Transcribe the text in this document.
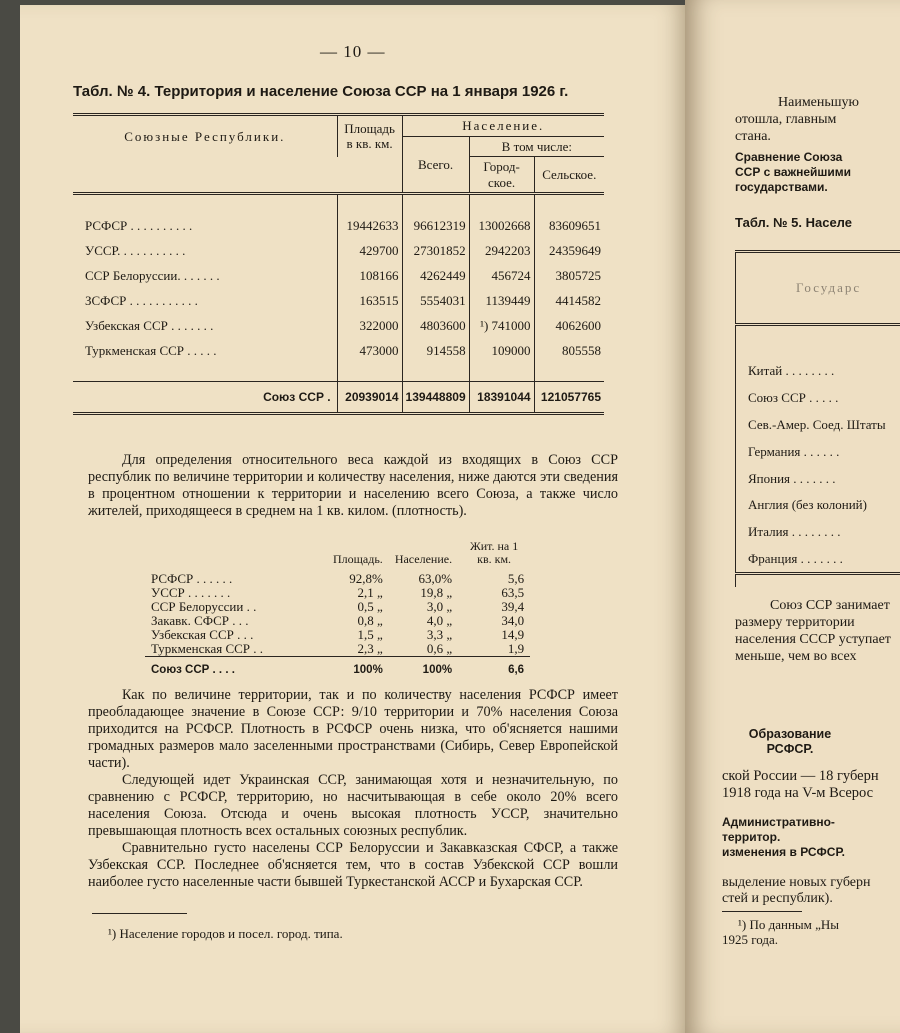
— 10 —
Табл. № 4. Территория и население Союза ССР на 1 января 1926 г.
Союзные Республики.	Площадь в кв. км.	Население.		
		Всего.	В том числе:	
			Город-ское.	Сельское.
РСФСР . . . . . . . . . .	19442633	96612319	13002668	83609651
УССР. . . . . . . . . . .	429700	27301852	2942203	24359649
ССР Белоруссии. . . . . . .	108166	4262449	456724	3805725
ЗСФСР . . . . . . . . . . .	163515	5554031	1139449	4414582
Узбекская ССР . . . . . . .	322000	4803600	¹) 741000	4062600
Туркменская ССР . . . . .	473000	914558	109000	805558
Союз ССР .	20939014	139448809	18391044	121057765

Для определения относительного веса каждой из входящих в Союз ССР республик по величине территории и количеству населения, ниже даются эти сведения в процентном отношении к территории и населению всего Союза, а также число жителей, приходящееся в среднем на 1 кв. килом. (плотность).

	Площадь.	Население.	Жит. на 1 кв. км.
РСФСР . . . . . .	92,8%	63,0%	5,6
УССР . . . . . . .	2,1 „	19,8 „	63,5
ССР Белоруссии . .	0,5 „	3,0 „	39,4
Закавк. СФСР . . .	0,8 „	4,0 „	34,0
Узбекская ССР . . .	1,5 „	3,3 „	14,9
Туркменская ССР . .	2,3 „	0,6 „	1,9
Союз ССР . . . .	100%	100%	6,6

Как по величине территории, так и по количеству населения РСФСР имеет преобладающее значение в Союзе ССР: 9/10 территории и 70% населения Союза приходится на РСФСР. Плотность в РСФСР очень низка, что об'ясняется нашими громадных размеров мало заселенными пространствами (Сибирь, Север Европейской части).

Следующей идет Украинская ССР, занимающая хотя и незначительную, по сравнению с РСФСР, территорию, но насчитывающая в себе около 20% всего населения Союза. Отсюда и очень высокая плотность УССР, значительно превышающая плотность всех остальных союзных республик.

Сравнительно густо населены ССР Белоруссии и Закавказская СФСР, а также Узбекская ССР. Последнее об'ясняется тем, что в состав Узбекской ССР вошли наиболее густо населенные части бывшей Туркестанской АССР и Бухарская ССР.

¹) Население городов и посел. город. типа.
Наименьшую
отошла, главным
стана.
Сравнение Союза ССР с важнейшими государствами.
Табл. № 5. Населе
Государс

Китай . . . . . . . .
Союз ССР . . . . .
Сев.-Амер. Соед. Штаты
Германия . . . . . .
Япония . . . . . . .
Англия (без колоний)
Италия . . . . . . . .
Франция . . . . . . .

Союз ССР занимает
размеру территории
населения СССР уступает
меньше, чем во всех
Образование РСФСР.
ской России — 18 губерн
1918 года на V-м Всерос
Административно-территор. изменения в РСФСР.
выделение новых губерн
стей и республик).
¹) По данным „Ны
1925 года.
